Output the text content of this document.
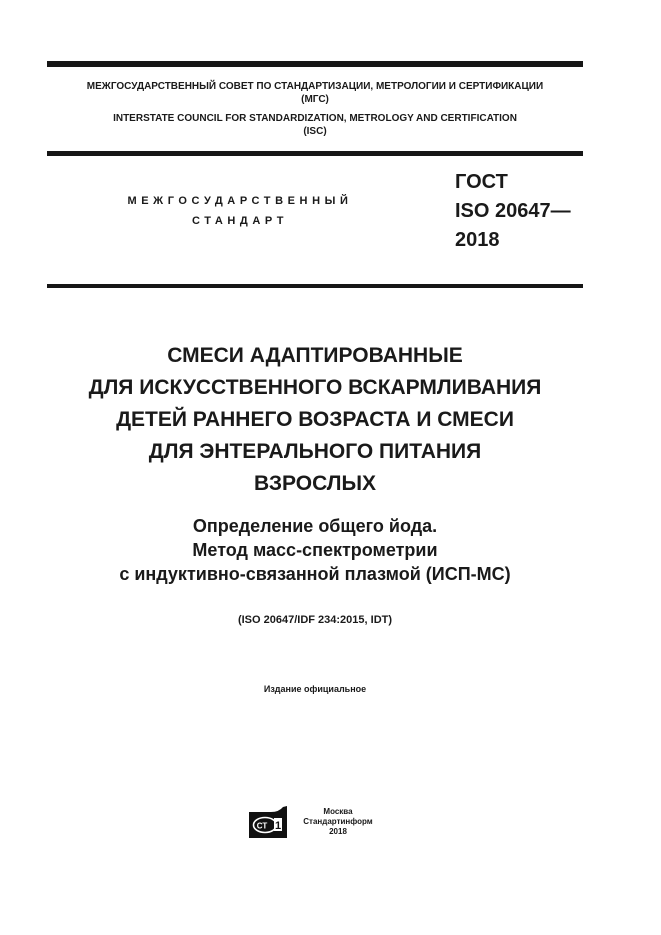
МЕЖГОСУДАРСТВЕННЫЙ СОВЕТ ПО СТАНДАРТИЗАЦИИ, МЕТРОЛОГИИ И СЕРТИФИКАЦИИ
(МГС)
INTERSTATE COUNCIL FOR STANDARDIZATION, METROLOGY AND CERTIFICATION
(ISC)
МЕЖГОСУДАРСТВЕННЫЙ
СТАНДАРТ
ГОСТ
ISO 20647—
2018
СМЕСИ АДАПТИРОВАННЫЕ
ДЛЯ ИСКУССТВЕННОГО ВСКАРМЛИВАНИЯ
ДЕТЕЙ РАННЕГО ВОЗРАСТА И СМЕСИ
ДЛЯ ЭНТЕРАЛЬНОГО ПИТАНИЯ
ВЗРОСЛЫХ
Определение общего йода.
Метод масс-спектрометрии
с индуктивно-связанной плазмой (ИСП-МС)
(ISO 20647/IDF 234:2015, IDT)
Издание официальное
СТ 1
Москва
Стандартинформ
2018
